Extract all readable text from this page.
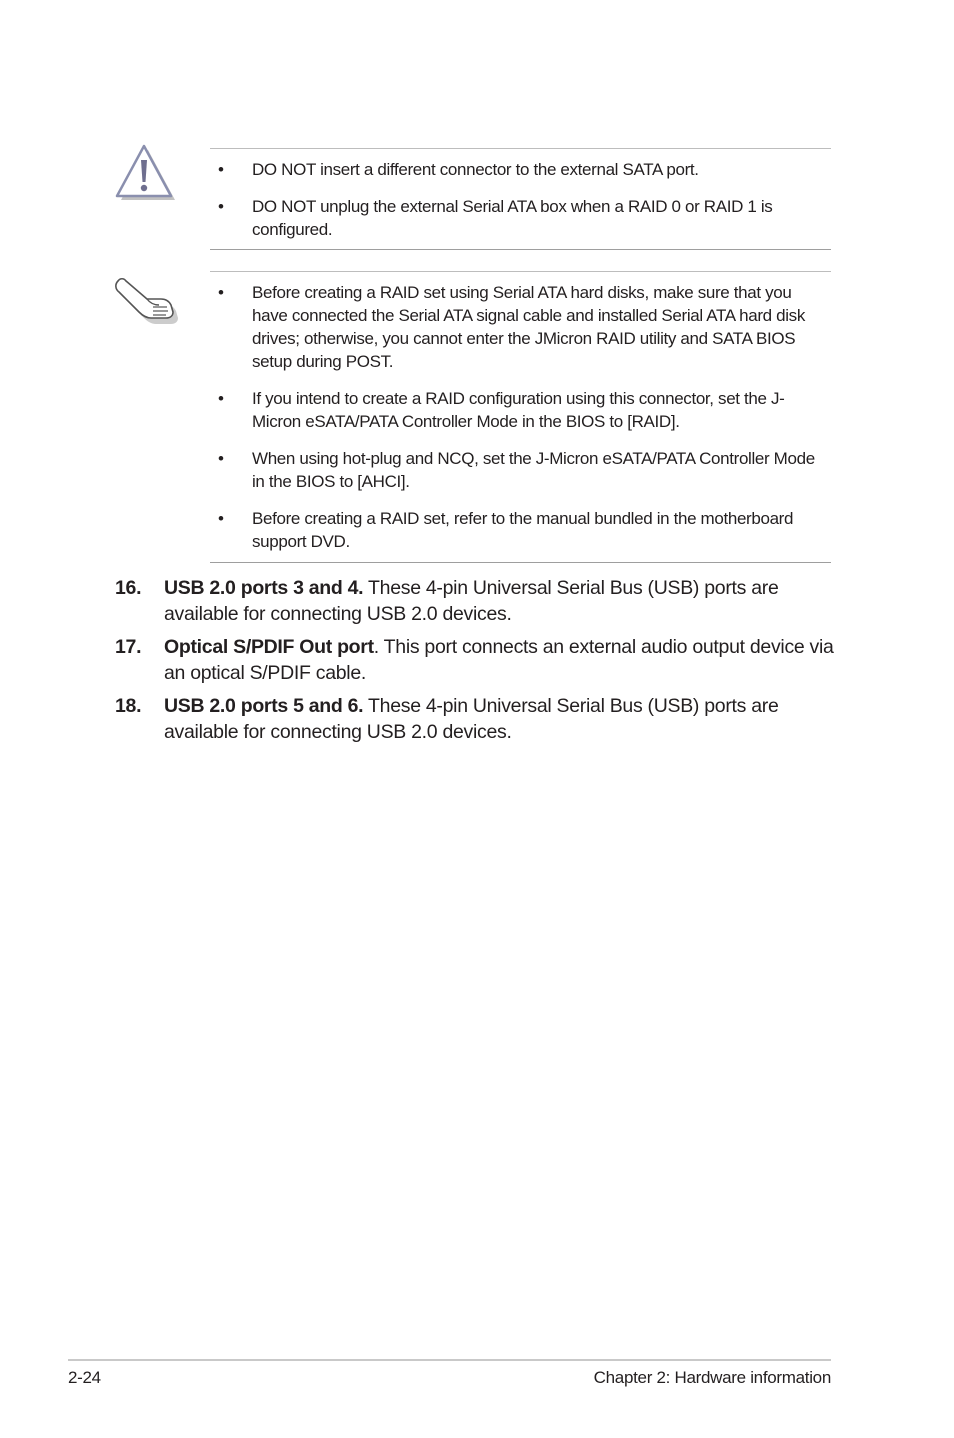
• DO NOT insert a different connector to the external SATA port.
• DO NOT unplug the external Serial ATA box when a RAID 0 or RAID 1 is configured.
• Before creating a RAID set using Serial ATA hard disks, make sure that you have connected the Serial ATA signal cable and installed Serial ATA hard disk drives; otherwise, you cannot enter the JMicron RAID utility and SATA BIOS setup during POST.
• If you intend to create a RAID configuration using this connector, set the J-Micron eSATA/PATA Controller Mode in the BIOS to [RAID].
• When using hot-plug and NCQ, set the J-Micron eSATA/PATA Controller Mode in the BIOS to [AHCI].
• Before creating a RAID set, refer to the manual bundled in the motherboard support DVD.
16. USB 2.0 ports 3 and 4. These 4-pin Universal Serial Bus (USB) ports are available for connecting USB 2.0 devices.
17. Optical S/PDIF Out port. This port connects an external audio output device via an optical S/PDIF cable.
18. USB 2.0 ports 5 and 6. These 4-pin Universal Serial Bus (USB) ports are available for connecting USB 2.0 devices.
2-24	Chapter 2: Hardware information
